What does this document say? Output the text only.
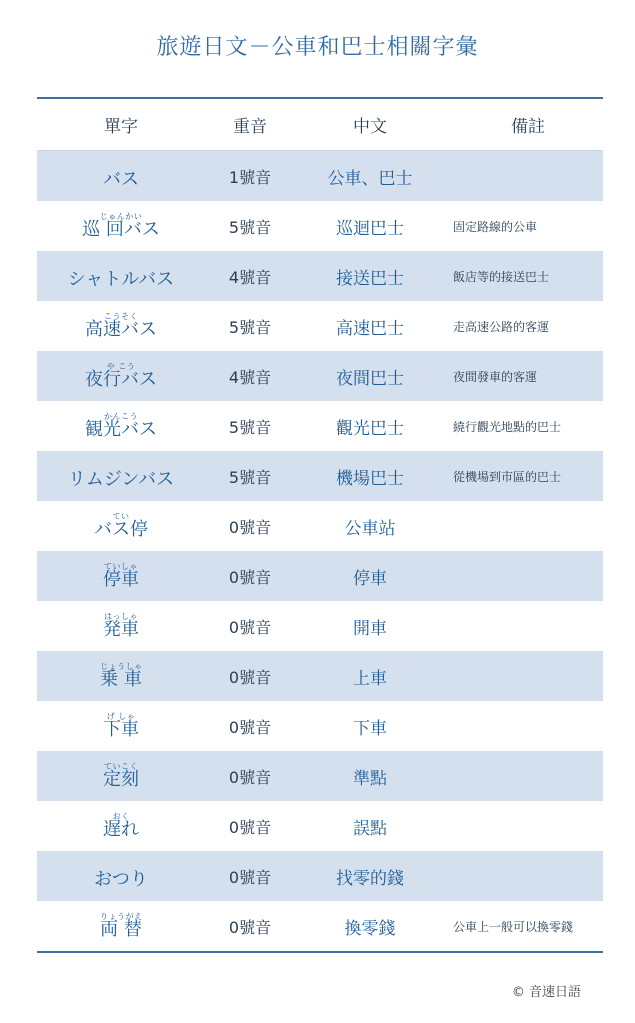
旅遊日文－公車和巴士相關字彙
單字	重音	中文	備註
バス	1號音	公車、巴士
じゅんかい
巡 回バス	5號音	巡迴巴士	固定路線的公車
シャトルバス	4號音	接送巴士	飯店等的接送巴士
こうそく
高速バス	5號音	高速巴士	走高速公路的客運
や こう
夜行バス	4號音	夜間巴士	夜間發車的客運
かんこう
観光バス	5號音	觀光巴士	繞行觀光地點的巴士
リムジンバス	5號音	機場巴士	從機場到市區的巴士
てい
バス停	0號音	公車站
ていしゃ
停車	0號音	停車
はっしゃ
発車	0號音	開車
じょうしゃ
乗 車	0號音	上車
げ しゃ
下車	0號音	下車
ていこく
定刻	0號音	準點
おく
遅れ	0號音	誤點
おつり	0號音	找零的錢
りょうがえ
両 替	0號音	換零錢	公車上一般可以換零錢
© 音速日語
